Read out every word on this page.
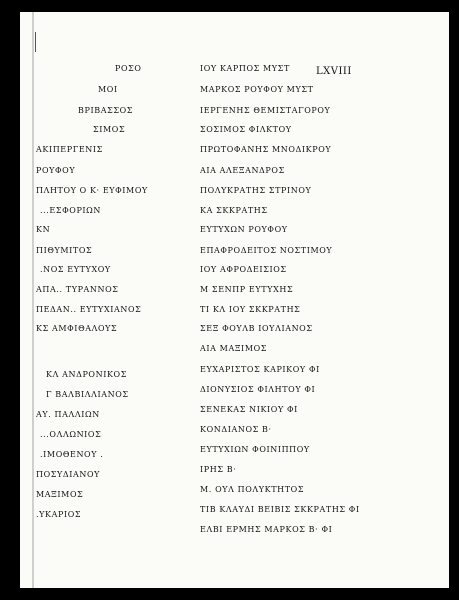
LXVIII
ΡΟΣΟ
ΜΟΙ
ΒΡΙΒΑΣΣΟΣ
ΣΙΜΟΣ
ΑΚΙΠΕΡΓΕΝΙΣ
ΡΟΥΦΟΥ
ΠΛΗΤΟΥ Ο Κ· ΕΥΦΙΜΟΥ
...ΕΣΦΟΡΙΩΝ
ΚΝ
ΠΙΘΥΜΙΤΟΣ
.ΝΟΣ ΕΥΤΥΧΟΥ
ΑΠΑ.. ΤΥΡΑΝΝΟΣ
ΠΕΔΑΝ.. ΕΥΤΥΧΙΑΝΟΣ
ΚΣ ΑΜΦΙΘΑΛΟΥΣ
ΚΛ ΑΝΔΡΟΝΙΚΟΣ
Γ ΒΑΛΒΙΛΛΙΑΝΟΣ
ΑΥ. ΠΑΛΛΙΩΝ
...ΟΛΛΩΝΙΟΣ
.ΙΜΟΘΕΝΟΥ .
ΠΟΣΥΔΙΑΝΟΥ
ΜΑΞΙΜΟΣ
.ΥΚΑΡΙΟΣ
ΙΟΥ ΚΑΡΠΟΣ ΜΥΣΤ
ΜΑΡΚΟΣ ΡΟΥΦΟΥ ΜΥΣΤ
ΙΕΡΓΕΝΗΣ ΘΕΜΙΣΤΑΓΟΡΟΥ
ΣΟΣΙΜΟΣ ΦΙΛΚΤΟΥ
ΠΡΩΤΟΦΑΝΗΣ ΜΝΟΔΙΚΡΟΥ
ΑΙΑ ΑΛΕΞΑΝΔΡΟΣ
ΠΟΛΥΚΡΑΤΗΣ ΣΤΡΙΝΟΥ
ΚΑ ΣΚΚΡΑΤΗΣ
ΕΥΤΥΧΩΝ ΡΟΥΦΟΥ
ΕΠΑΦΡΟΔΕΙΤΟΣ ΝΟΣΤΙΜΟΥ
ΙΟΥ ΑΦΡΟΔΕΙΣΙΟΣ
Μ ΣΕΝΠΡ ΕΥΤΥΧΗΣ
ΤΙ ΚΛ ΙΟΥ ΣΚΚΡΑΤΗΣ
ΣΕΞ ΦΟΥΛΒ ΙΟΥΛΙΑΝΟΣ
ΑΙΑ ΜΑΞΙΜΟΣ
ΕΥΧΑΡΙΣΤΟΣ ΚΑΡΙΚΟΥ ΦΙ
ΔΙΟΝΥΣΙΟΣ ΦΙΛΗΤΟΥ ΦΙ
ΣΕΝΕΚΑΣ ΝΙΚΙΟΥ ΦΙ
ΚΟΝΔΙΑΝΟΣ Β·
ΕΥΤΥΧΙΩΝ ΦΟΙΝΙΠΠΟΥ
ΙΡΗΣ Β·
Μ. ΟΥΛ ΠΟΛΥΚΤΗΤΟΣ
ΤΙΒ ΚΛΑΥΔΙ ΒΕΙΒΙΣ ΣΚΚΡΑΤΗΣ ΦΙ
ΕΛΒΙ ΕΡΜΗΣ ΜΑΡΚΟΣ Β· ΦΙ
